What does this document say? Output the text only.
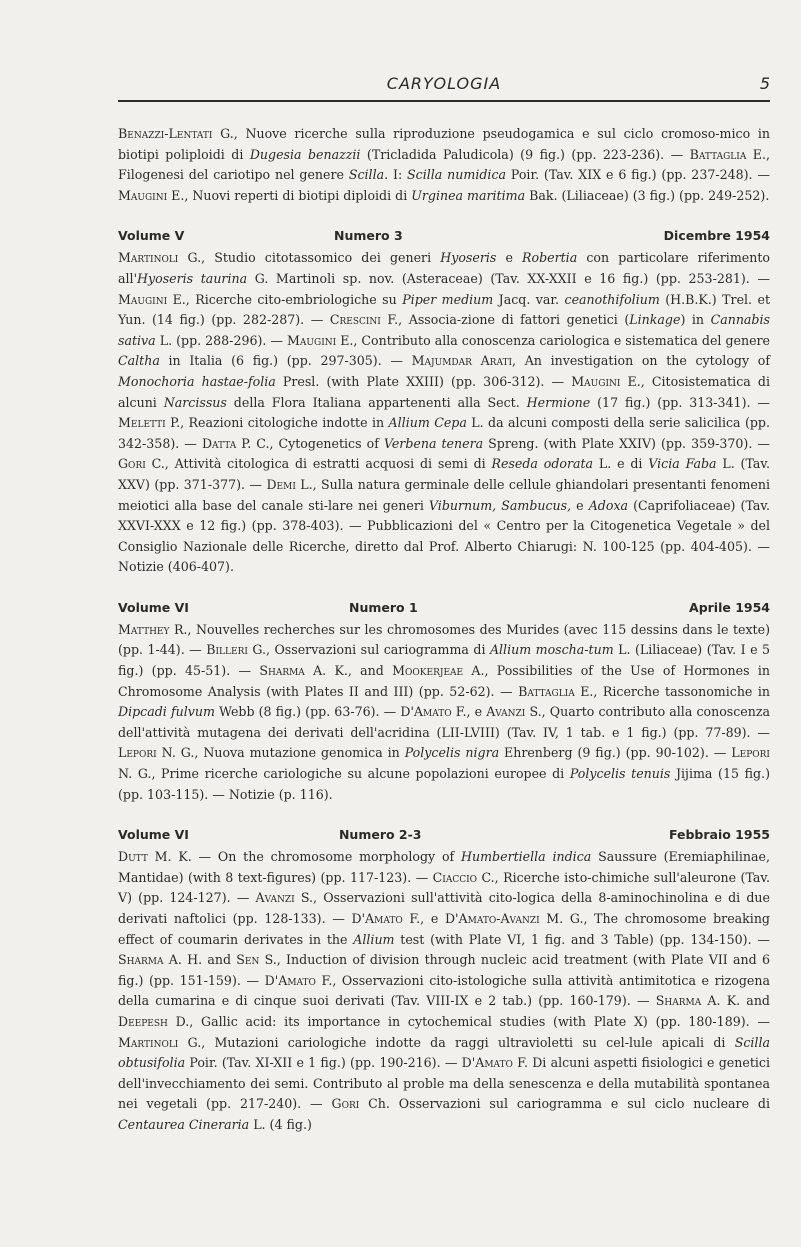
CARYOLOGIA	5

Benazzi-Lentati G., Nuove ricerche sulla riproduzione pseudogamica e sul ciclo cromoso-mico in biotipi poliploidi di Dugesia benazzii (Tricladida Paludicola) (9 fig.) (pp. 223-236). — Battaglia E., Filogenesi del cariotipo nel genere Scilla. I: Scilla numidica Poir. (Tav. XIX e 6 fig.) (pp. 237-248). — Maugini E., Nuovi reperti di biotipi diploidi di Urginea maritima Bak. (Liliaceae) (3 fig.) (pp. 249-252).

Volume V	Numero 3	Dicembre 1954

Martinoli G., Studio citotassomico dei generi Hyoseris e Robertia con particolare riferimento all'Hyoseris taurina G. Martinoli sp. nov. (Asteraceae) (Tav. XX-XXII e 16 fig.) (pp. 253-281). — Maugini E., Ricerche cito-embriologiche su Piper medium Jacq. var. ceanothifolium (H.B.K.) Trel. et Yun. (14 fig.) (pp. 282-287). — Crescini F., Associa-zione di fattori genetici (Linkage) in Cannabis sativa L. (pp. 288-296). — Maugini E., Contributo alla conoscenza cariologica e sistematica del genere Caltha in Italia (6 fig.) (pp. 297-305). — Majumdar Arati, An investigation on the cytology of Monochoria hastae-folia Presl. (with Plate XXIII) (pp. 306-312). — Maugini E., Citosistematica di alcuni Narcissus della Flora Italiana appartenenti alla Sect. Hermione (17 fig.) (pp. 313-341). — Meletti P., Reazioni citologiche indotte in Allium Cepa L. da alcuni composti della serie salicilica (pp. 342-358). — Datta P. C., Cytogenetics of Verbena tenera Spreng. (with Plate XXIV) (pp. 359-370). — Gori C., Attività citologica di estratti acquosi di semi di Reseda odorata L. e di Vicia Faba L. (Tav. XXV) (pp. 371-377). — Demi L., Sulla natura germinale delle cellule ghiandolari presentanti fenomeni meiotici alla base del canale sti-lare nei generi Viburnum, Sambucus, e Adoxa (Caprifoliaceae) (Tav. XXVI-XXX e 12 fig.) (pp. 378-403). — Pubblicazioni del « Centro per la Citogenetica Vegetale » del Consiglio Nazionale delle Ricerche, diretto dal Prof. Alberto Chiarugi: N. 100-125 (pp. 404-405). — Notizie (406-407).

Volume VI	Numero 1	Aprile 1954

Matthey R., Nouvelles recherches sur les chromosomes des Murides (avec 115 dessins dans le texte) (pp. 1-44). — Billeri G., Osservazioni sul cariogramma di Allium moscha-tum L. (Liliaceae) (Tav. I e 5 fig.) (pp. 45-51). — Sharma A. K., and Mookerjeae A., Possibilities of the Use of Hormones in Chromosome Analysis (with Plates II and III) (pp. 52-62). — Battaglia E., Ricerche tassonomiche in Dipcadi fulvum Webb (8 fig.) (pp. 63-76). — D'Amato F., e Avanzi S., Quarto contributo alla conoscenza dell'attività mutagena dei derivati dell'acridina (LII-LVIII) (Tav. IV, 1 tab. e 1 fig.) (pp. 77-89). — Lepori N. G., Nuova mutazione genomica in Polycelis nigra Ehrenberg (9 fig.) (pp. 90-102). — Lepori N. G., Prime ricerche cariologiche su alcune popolazioni europee di Polycelis tenuis Jijima (15 fig.) (pp. 103-115). — Notizie (p. 116).

Volume VI	Numero 2-3	Febbraio 1955

Dutt M. K. — On the chromosome morphology of Humbertiella indica Saussure (Eremiaphilinae, Mantidae) (with 8 text-figures) (pp. 117-123). — Ciaccio C., Ricerche isto-chimiche sull'aleurone (Tav. V) (pp. 124-127). — Avanzi S., Osservazioni sull'attività cito-logica della 8-aminochinolina e di due derivati naftolici (pp. 128-133). — D'Amato F., e D'Amato-Avanzi M. G., The chromosome breaking effect of coumarin derivates in the Allium test (with Plate VI, 1 fig. and 3 Table) (pp. 134-150). — Sharma A. H. and Sen S., Induction of division through nucleic acid treatment (with Plate VII and 6 fig.) (pp. 151-159). — D'Amato F., Osservazioni cito-istologiche sulla attività antimitotica e rizogena della cumarina e di cinque suoi derivati (Tav. VIII-IX e 2 tab.) (pp. 160-179). — Sharma A. K. and Deepesh D., Gallic acid: its importance in cytochemical studies (with Plate X) (pp. 180-189). — Martinoli G., Mutazioni cariologiche indotte da raggi ultravioletti su cel-lule apicali di Scilla obtusifolia Poir. (Tav. XI-XII e 1 fig.) (pp. 190-216). — D'Amato F. Di alcuni aspetti fisiologici e genetici dell'invecchiamento dei semi. Contributo al proble ma della senescenza e della mutabilità spontanea nei vegetali (pp. 217-240). — Gori Ch. Osservazioni sul cariogramma e sul ciclo nucleare di Centaurea Cineraria L. (4 fig.)
